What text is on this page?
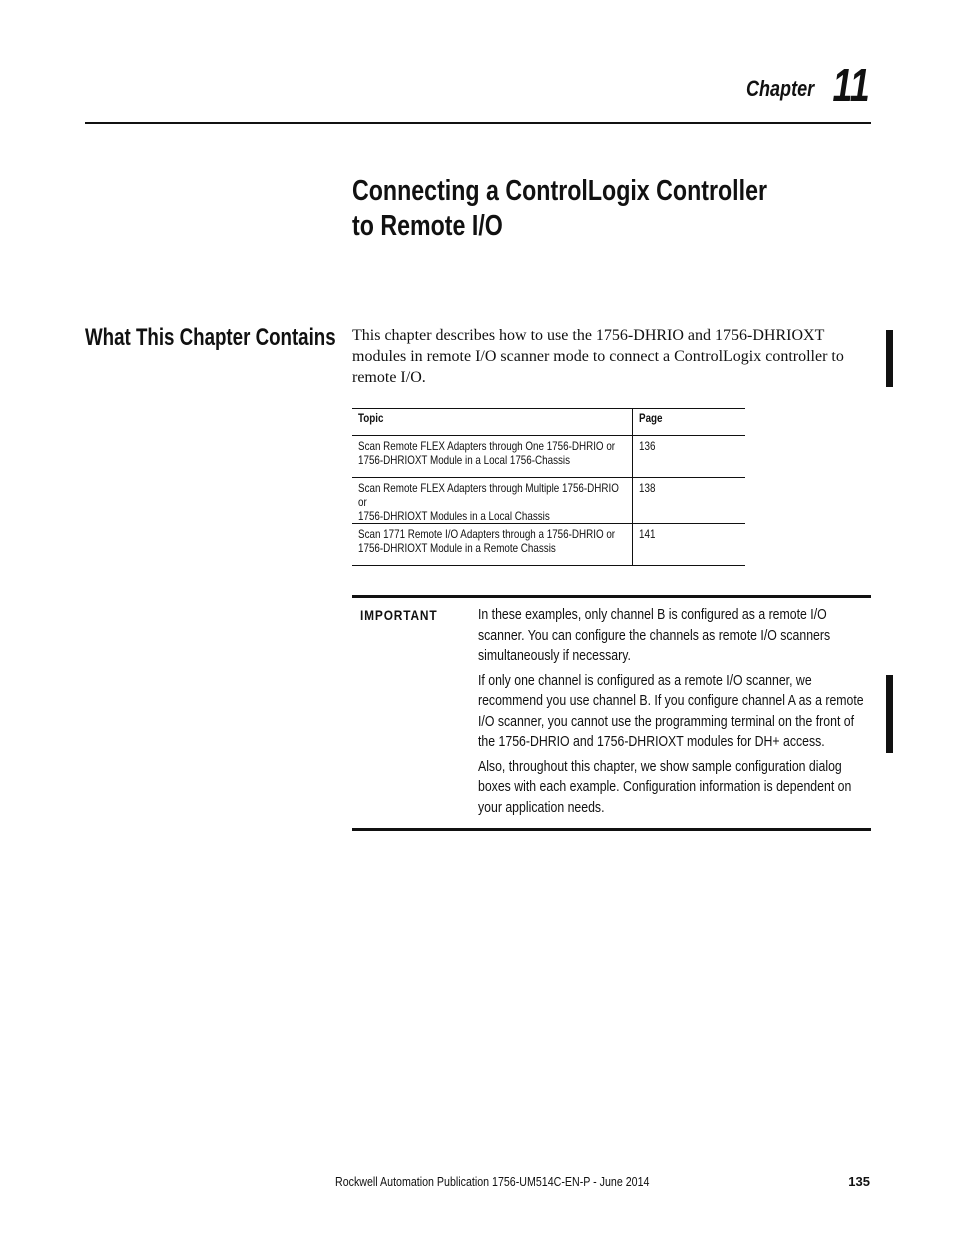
Chapter 11
Connecting a ControlLogix Controller
to Remote I/O
What This Chapter Contains	This chapter describes how to use the 1756-DHRIO and 1756-DHRIOXT modules in remote I/O scanner mode to connect a ControlLogix controller to remote I/O.
Topic	Page

Scan Remote FLEX Adapters through One 1756-DHRIO or
1756-DHRIOXT Module in a Local 1756-Chassis	136

Scan Remote FLEX Adapters through Multiple 1756-DHRIO or
1756-DHRIOXT Modules in a Local Chassis	138

Scan 1771 Remote I/O Adapters through a 1756-DHRIO or
1756-DHRIOXT Module in a Remote Chassis	141
IMPORTANT	In these examples, only channel B is configured as a remote I/O scanner. You can configure the channels as remote I/O scanners simultaneously if necessary.

If only one channel is configured as a remote I/O scanner, we recommend you use channel B. If you configure channel A as a remote I/O scanner, you cannot use the programming terminal on the front of the 1756-DHRIO and 1756-DHRIOXT modules for DH+ access.

Also, throughout this chapter, we show sample configuration dialog boxes with each example. Configuration information is dependent on your application needs.

Rockwell Automation Publication 1756-UM514C-EN-P - June 2014	135
